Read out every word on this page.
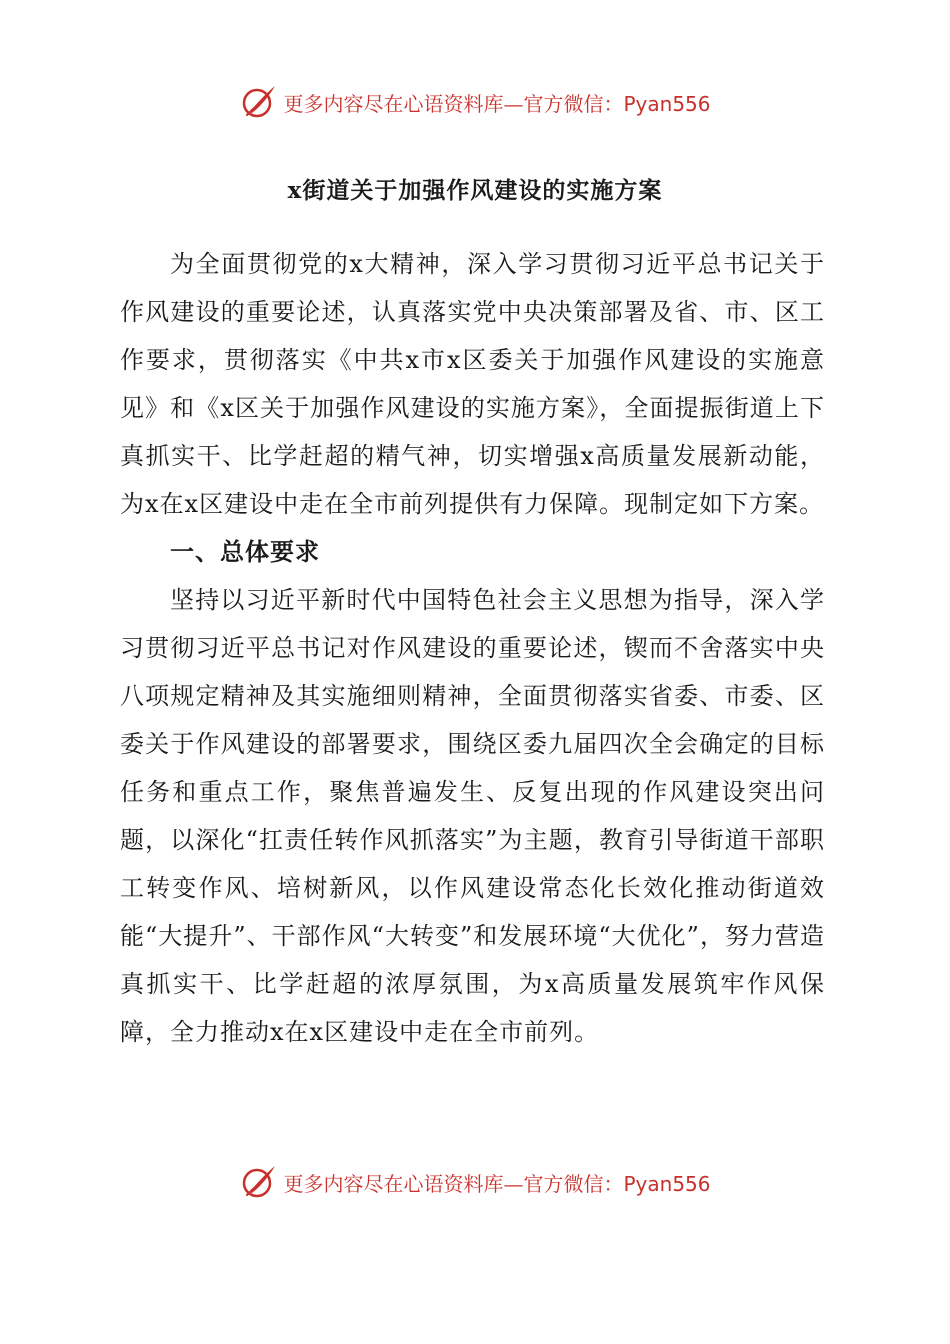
更多内容尽在心语资料库—官方微信：Pyan556
x街道关于加强作风建设的实施方案

为全面贯彻党的x大精神，深入学习贯彻习近平总书记关于作风建设的重要论述，认真落实党中央决策部署及省、市、区工作要求，贯彻落实《中共x市x区委关于加强作风建设的实施意见》和《x区关于加强作风建设的实施方案》，全面提振街道上下真抓实干、比学赶超的精气神，切实增强x高质量发展新动能，为x在x区建设中走在全市前列提供有力保障。现制定如下方案。

一、总体要求

坚持以习近平新时代中国特色社会主义思想为指导，深入学习贯彻习近平总书记对作风建设的重要论述，锲而不舍落实中央八项规定精神及其实施细则精神，全面贯彻落实省委、市委、区委关于作风建设的部署要求，围绕区委九届四次全会确定的目标任务和重点工作，聚焦普遍发生、反复出现的作风建设突出问题，以深化“扛责任转作风抓落实”为主题，教育引导街道干部职工转变作风、培树新风，以作风建设常态化长效化推动街道效能“大提升”、干部作风“大转变”和发展环境“大优化”，努力营造真抓实干、比学赶超的浓厚氛围，为x高质量发展筑牢作风保障，全力推动x在x区建设中走在全市前列。

更多内容尽在心语资料库—官方微信：Pyan556
